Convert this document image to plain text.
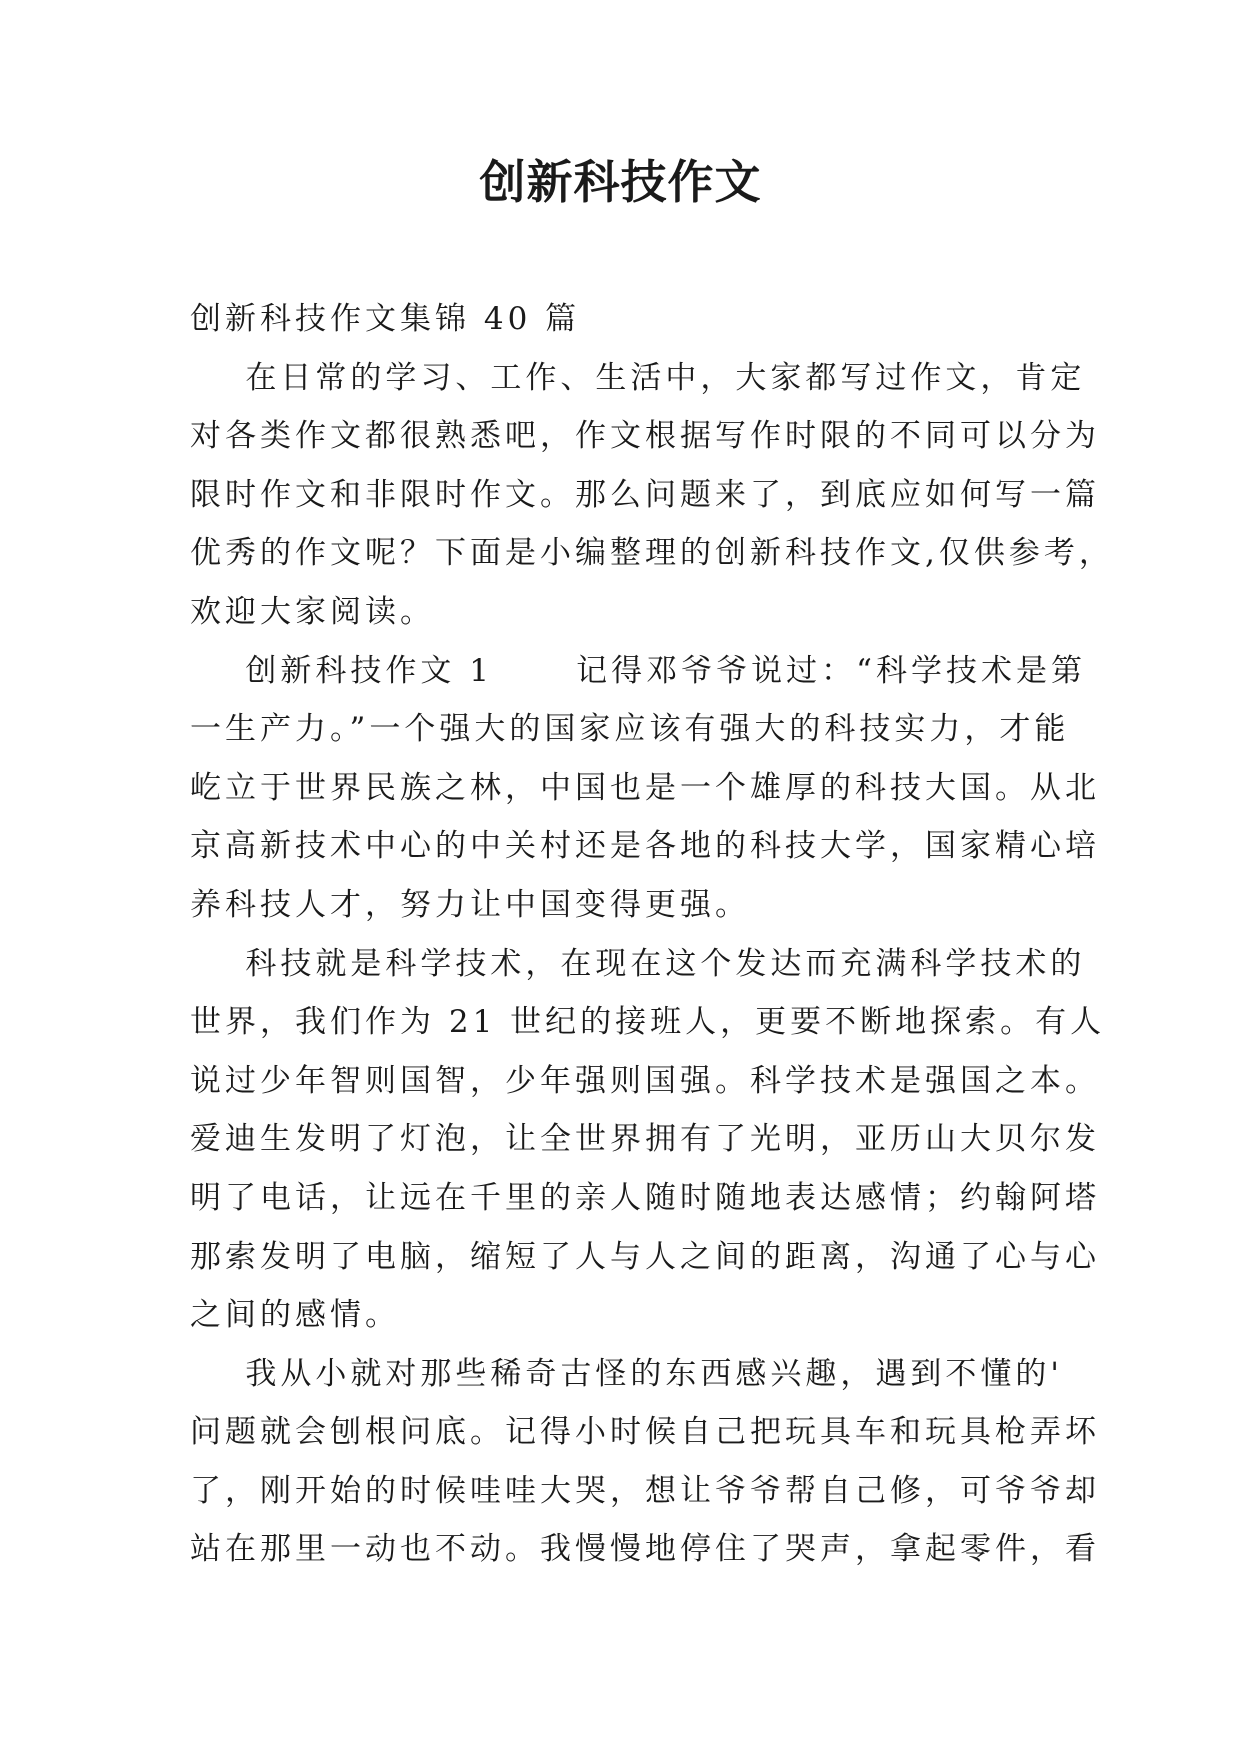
创新科技作文
创新科技作文集锦 40 篇
在日常的学习、工作、生活中，大家都写过作文，肯定
对各类作文都很熟悉吧，作文根据写作时限的不同可以分为
限时作文和非限时作文。那么问题来了，到底应如何写一篇
优秀的作文呢？下面是小编整理的创新科技作文,仅供参考，
欢迎大家阅读。
创新科技作文 1      记得邓爷爷说过：“科学技术是第
一生产力。”一个强大的国家应该有强大的科技实力，才能
屹立于世界民族之林，中国也是一个雄厚的科技大国。从北
京高新技术中心的中关村还是各地的科技大学，国家精心培
养科技人才，努力让中国变得更强。
科技就是科学技术，在现在这个发达而充满科学技术的
世界，我们作为 21 世纪的接班人，更要不断地探索。有人
说过少年智则国智，少年强则国强。科学技术是强国之本。
爱迪生发明了灯泡，让全世界拥有了光明，亚历山大贝尔发
明了电话，让远在千里的亲人随时随地表达感情；约翰阿塔
那索发明了电脑，缩短了人与人之间的距离，沟通了心与心
之间的感情。
我从小就对那些稀奇古怪的东西感兴趣，遇到不懂的'
问题就会刨根问底。记得小时候自己把玩具车和玩具枪弄坏
了，刚开始的时候哇哇大哭，想让爷爷帮自己修，可爷爷却
站在那里一动也不动。我慢慢地停住了哭声，拿起零件，看
